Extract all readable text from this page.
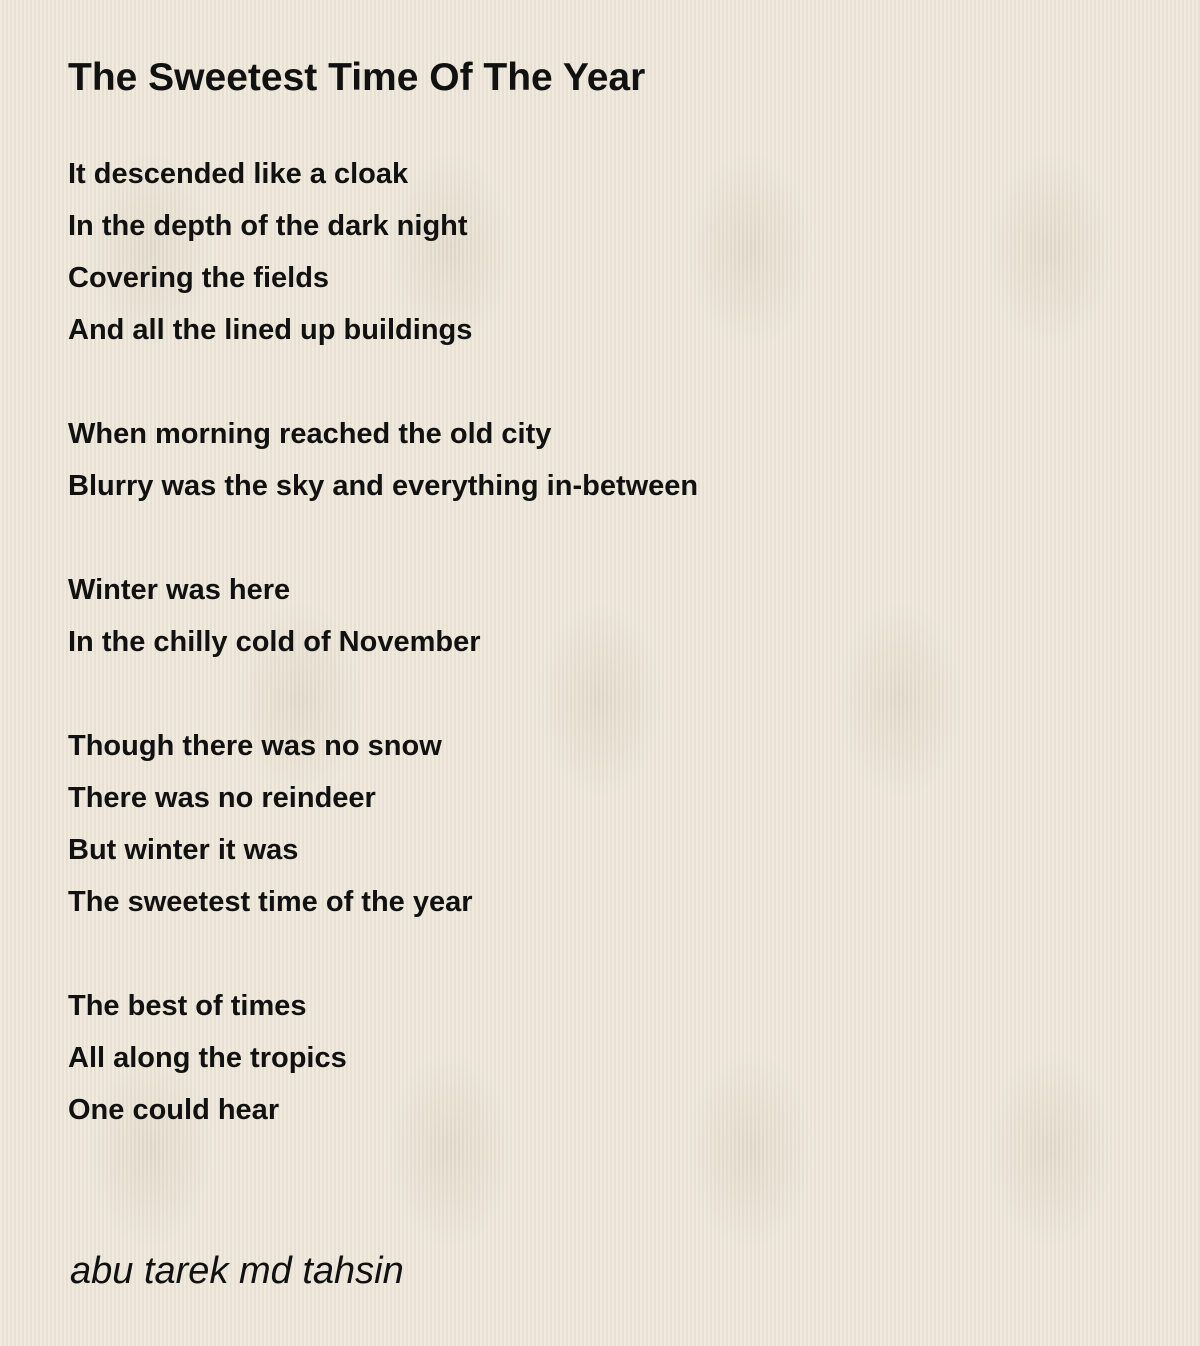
The Sweetest Time Of The Year
It descended like a cloak
In the depth of the dark night
Covering the fields
And all the lined up buildings
When morning reached the old city
Blurry was the sky and everything in-between
Winter was here
In the chilly cold of November
Though there was no snow
There was no reindeer
But winter it was
The sweetest time of the year
The best of times
All along the tropics
One could hear
abu tarek md tahsin
